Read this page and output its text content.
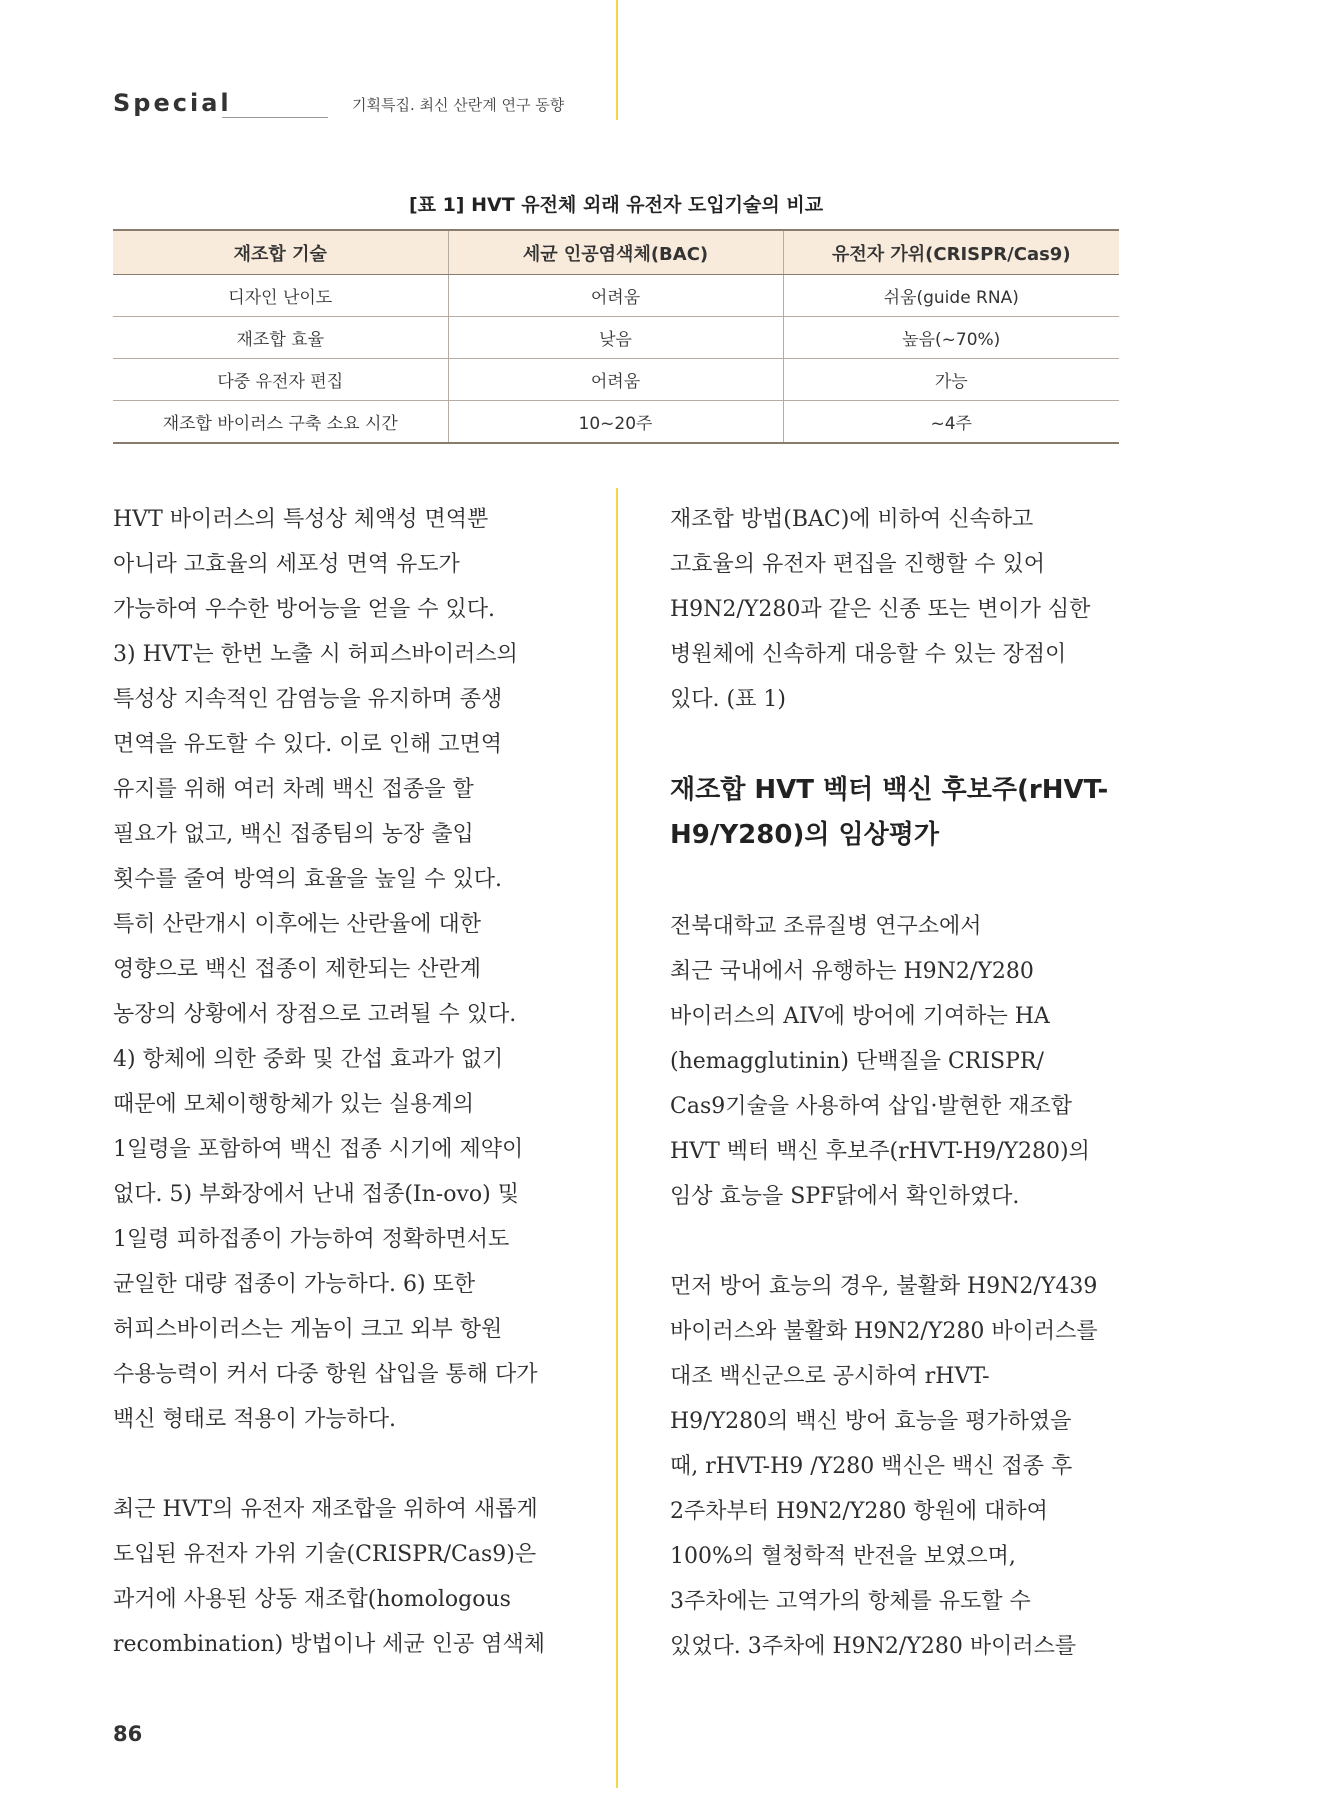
Special	기획특집. 최신 산란계 연구 동향
[표 1] HVT 유전체 외래 유전자 도입기술의 비교
재조합 기술	세균 인공염색체(BAC)	유전자 가위(CRISPR/Cas9)
디자인 난이도	어려움	쉬움(guide RNA)
재조합 효율	낮음	높음(~70%)
다중 유전자 편집	어려움	가능
재조합 바이러스 구축 소요 시간	10~20주	~4주
HVT 바이러스의 특성상 체액성 면역뿐
아니라 고효율의 세포성 면역 유도가
가능하여 우수한 방어능을 얻을 수 있다.
3) HVT는 한번 노출 시 허피스바이러스의
특성상 지속적인 감염능을 유지하며 종생
면역을 유도할 수 있다. 이로 인해 고면역
유지를 위해 여러 차례 백신 접종을 할
필요가 없고, 백신 접종팀의 농장 출입
횟수를 줄여 방역의 효율을 높일 수 있다.
특히 산란개시 이후에는 산란율에 대한
영향으로 백신 접종이 제한되는 산란계
농장의 상황에서 장점으로 고려될 수 있다.
4) 항체에 의한 중화 및 간섭 효과가 없기
때문에 모체이행항체가 있는 실용계의
1일령을 포함하여 백신 접종 시기에 제약이
없다. 5) 부화장에서 난내 접종(In-ovo) 및
1일령 피하접종이 가능하여 정확하면서도
균일한 대량 접종이 가능하다. 6) 또한
허피스바이러스는 게놈이 크고 외부 항원
수용능력이 커서 다중 항원 삽입을 통해 다가
백신 형태로 적용이 가능하다.
최근 HVT의 유전자 재조합을 위하여 새롭게
도입된 유전자 가위 기술(CRISPR/Cas9)은
과거에 사용된 상동 재조합(homologous
recombination) 방법이나 세균 인공 염색체
재조합 방법(BAC)에 비하여 신속하고
고효율의 유전자 편집을 진행할 수 있어
H9N2/Y280과 같은 신종 또는 변이가 심한
병원체에 신속하게 대응할 수 있는 장점이
있다. (표 1)
재조합 HVT 벡터 백신 후보주(rHVT-
H9/Y280)의 임상평가
전북대학교 조류질병 연구소에서
최근 국내에서 유행하는 H9N2/Y280
바이러스의 AIV에 방어에 기여하는 HA
(hemagglutinin) 단백질을 CRISPR/
Cas9기술을 사용하여 삽입·발현한 재조합
HVT 벡터 백신 후보주(rHVT-H9/Y280)의
임상 효능을 SPF닭에서 확인하였다.
먼저 방어 효능의 경우, 불활화 H9N2/Y439
바이러스와 불활화 H9N2/Y280 바이러스를
대조 백신군으로 공시하여 rHVT-
H9/Y280의 백신 방어 효능을 평가하였을
때, rHVT-H9 /Y280 백신은 백신 접종 후
2주차부터 H9N2/Y280 항원에 대하여
100%의 혈청학적 반전을 보였으며,
3주차에는 고역가의 항체를 유도할 수
있었다. 3주차에 H9N2/Y280 바이러스를
86
